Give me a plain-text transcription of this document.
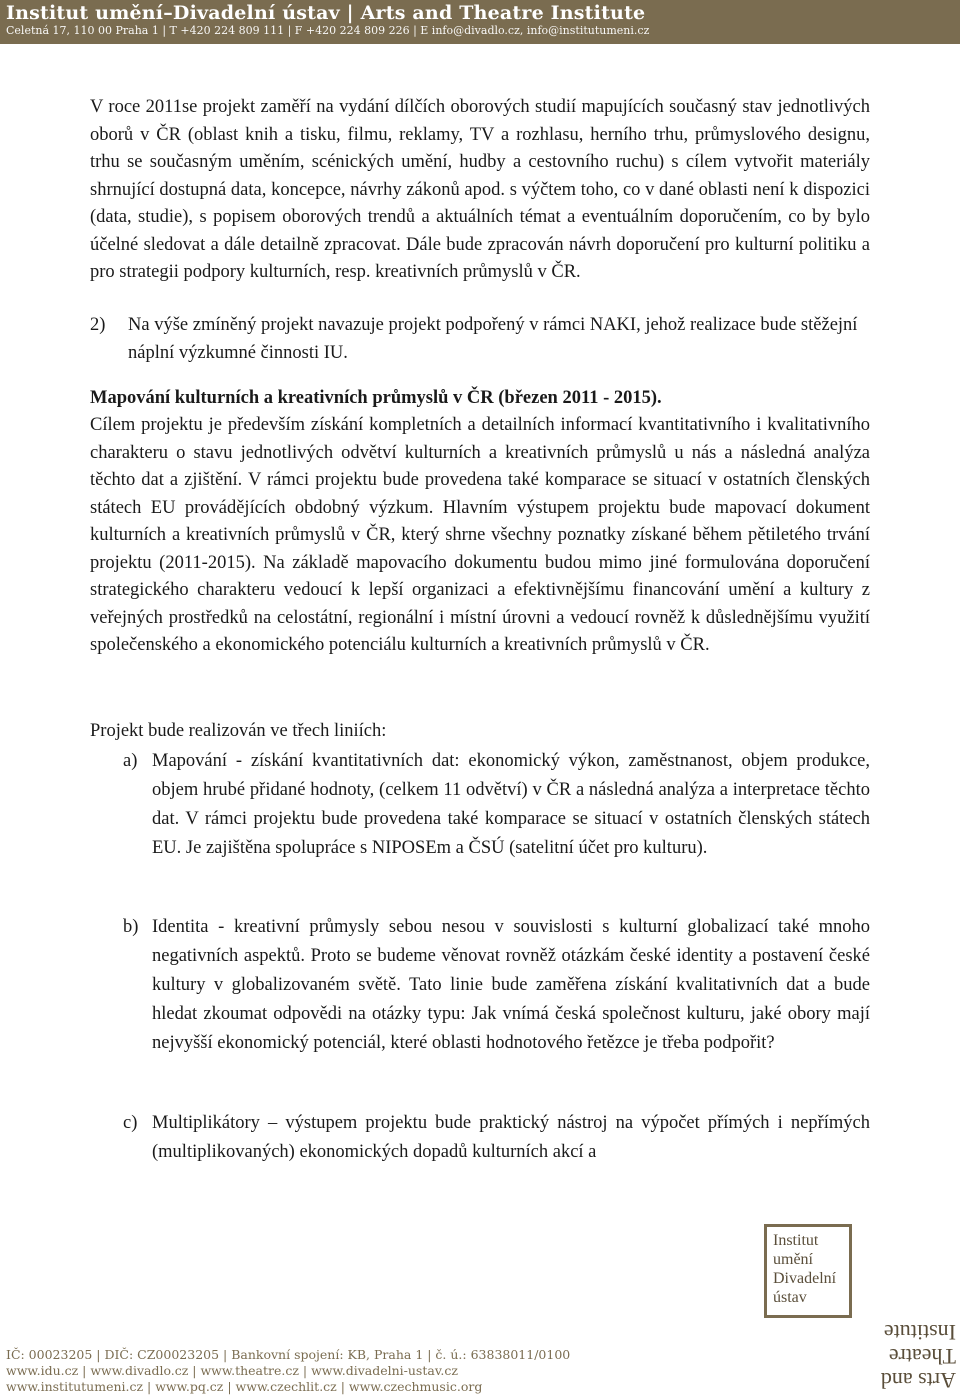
Institut umění–Divadelní ústav | Arts and Theatre Institute
Celetná 17, 110 00 Praha 1 | T +420 224 809 111 | F +420 224 809 226 | E info@divadlo.cz, info@institutumeni.cz
V roce 2011se projekt zaměří na vydání dílčích oborových studií mapujících současný stav jednotlivých oborů v ČR (oblast knih a tisku, filmu, reklamy, TV a rozhlasu, herního trhu, průmyslového designu, trhu se současným uměním, scénických umění, hudby a cestovního ruchu) s cílem vytvořit materiály shrnující dostupná data, koncepce, návrhy zákonů apod. s výčtem toho, co v dané oblasti není k dispozici (data, studie), s popisem oborových trendů a aktuálních témat a eventuálním doporučením, co by bylo účelné sledovat a dále detailně zpracovat. Dále bude zpracován návrh doporučení pro kulturní politiku a pro strategii podpory kulturních, resp. kreativních průmyslů v ČR.
2) Na výše zmíněný projekt navazuje projekt podpořený v rámci NAKI, jehož realizace bude stěžejní náplní výzkumné činnosti IU.
Mapování kulturních a kreativních průmyslů v ČR (březen 2011 - 2015).
Cílem projektu je především získání kompletních a detailních informací kvantitativního i kvalitativního charakteru o stavu jednotlivých odvětví kulturních a kreativních průmyslů u nás a následná analýza těchto dat a zjištění. V rámci projektu bude provedena také komparace se situací v ostatních členských státech EU provádějících obdobný výzkum. Hlavním výstupem projektu bude mapovací dokument kulturních a kreativních průmyslů v ČR, který shrne všechny poznatky získané během pětiletého trvání projektu (2011-2015). Na základě mapovacího dokumentu budou mimo jiné formulována doporučení strategického charakteru vedoucí k lepší organizaci a efektivnějšímu financování umění a kultury z veřejných prostředků na celostátní, regionální i místní úrovni a vedoucí rovněž k důslednějšímu využití společenského a ekonomického potenciálu kulturních a kreativních průmyslů v ČR.
Projekt bude realizován ve třech liniích:
a) Mapování - získání kvantitativních dat: ekonomický výkon, zaměstnanost, objem produkce, objem hrubé přidané hodnoty, (celkem 11 odvětví) v ČR a následná analýza a interpretace těchto dat. V rámci projektu bude provedena také komparace se situací v ostatních členských státech EU. Je zajištěna spolupráce s NIPOSEm a ČSÚ (satelitní účet pro kulturu).
b) Identita - kreativní průmysly sebou nesou v souvislosti s kulturní globalizací také mnoho negativních aspektů. Proto se budeme věnovat rovněž otázkám české identity a postavení české kultury v globalizovaném světě. Tato linie bude zaměřena získání kvalitativních dat a bude hledat zkoumat odpovědi na otázky typu: Jak vnímá česká společnost kulturu, jaké obory mají nejvyšší ekonomický potenciál, které oblasti hodnotového řetězce je třeba podpořit?
c) Multiplikátory – výstupem projektu bude praktický nástroj na výpočet přímých i nepřímých (multiplikovaných) ekonomických dopadů kulturních akcí a
Institut
umění
Divadelní
ústav
Arts and
Theatre
Institute
IČ: 00023205 | DIČ: CZ00023205 | Bankovní spojení: KB, Praha 1 | č. ú.: 63838011/0100
www.idu.cz | www.divadlo.cz | www.theatre.cz | www.divadelni-ustav.cz
www.institutumeni.cz | www.pq.cz | www.czechlit.cz | www.czechmusic.org
